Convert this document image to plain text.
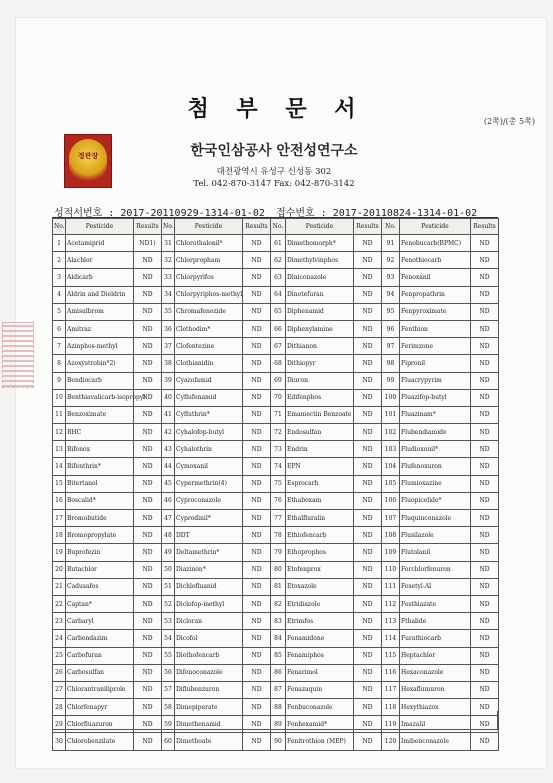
첨 부 문 서	(2쪽)/(총 5쪽)
정관장	한국인삼공사 안전성연구소
대전광역시 유성구 신성동 302
Tel. 042-870-3147 Fax: 042-870-3142
성적서번호 : 2017-20110929-1314-01-02 접수번호 : 2017-20110824-1314-01-02
No.	Pesticide	Results	No.	Pesticide	Results	No.	Pesticide	Results	No.	Pesticide	Results
1	Acetamiprid	ND1)	31	Chlorothalonil*	ND	61	Dimethomorph*	ND	91	Fenobucarb(BPMC)	ND
2	Alachlor	ND	32	Chlorpropham	ND	62	Dimethylvinphos	ND	92	Fenothiocarb	ND
3	Aldicarb	ND	33	Chlorpyrifos	ND	63	Diniconazole	ND	93	Fenoxanil	ND
4	Aldrin and Dieldrin	ND	34	Chlorpyriphos-methyl	ND	64	Dinotefuran	ND	94	Fenpropathrin	ND
5	Amisulbrom	ND	35	Chromafenozide	ND	65	Diphenamid	ND	95	Fenpyroximate	ND
6	Amitraz	ND	36	Clethodim*	ND	66	Diphenylamine	ND	96	Fenthion	ND
7	Azinphos-methyl	ND	37	Clofentezine	ND	67	Dithianon	ND	97	Ferimzone	ND
8	Azoxystrobin*2)	ND	38	Clothianidin	ND	68	Dithiopyr	ND	98	Fipronil	ND
9	Bendiocarb	ND	39	Cyazofamid	ND	69	Diuron	ND	99	Fluacrypyrim	ND
10	Benthiavalicarb-isopropyl	ND	40	Cyflufenamid	ND	70	Edifenphos	ND	100	Fluazifop-butyl	ND
11	Benzoximate	ND	41	Cyfluthrin*	ND	71	Emamectin Benzoate	ND	101	Fluazinam*	ND
12	BHC	ND	42	Cyhalofop-butyl	ND	72	Endosulfan	ND	102	Flubendiamide	ND
13	Bifenox	ND	43	Cyhalothrin	ND	73	Endrin	ND	103	Fludioxonil*	ND
14	Bifenthrin*	ND	44	Cymoxanil	ND	74	EPN	ND	104	Flufenoxuron	ND
15	Bitertanol	ND	45	Cypermethrin(4)	ND	75	Esprocarb	ND	105	Flumioxazine	ND
16	Boscalid*	ND	46	Cyproconazole	ND	76	Ethaboxam	ND	106	Fluopicolide*	ND
17	Bromobutide	ND	47	Cyprodinil*	ND	77	Ethalfluralin	ND	107	Fluquinconazole	ND
18	Bromopropylate	ND	48	DDT	ND	78	Ethiofencarb	ND	108	Flusilazole	ND
19	Buprofezin	ND	49	Deltamethrin*	ND	79	Ethoprophos	ND	109	Flutolanil	ND
20	Butachlor	ND	50	Diazinon*	ND	80	Etofenprox	ND	110	Forchlorfenuron	ND
21	Cadusafos	ND	51	Dichlofluanid	ND	81	Etoxazole	ND	111	Fosetyl-Al	ND
22	Captan*	ND	52	Diclofop-methyl	ND	82	Etridiazole	ND	112	Fosthiazate	ND
23	Carbaryl	ND	53	Dicloran	ND	83	Etrimfos	ND	113	Fthalide	ND
24	Carbendazim	ND	54	Dicofol	ND	84	Fenamidone	ND	114	Furathiocarb	ND
25	Carbofuran	ND	55	Diethofencarb	ND	85	Fenamiphos	ND	115	Heptachlor	ND
26	Carbosulfan	ND	56	Difenoconazole	ND	86	Fenarimol	ND	116	Hexaconazole	ND
27	Chlorantraniliprole	ND	57	Diflubenzuron	ND	87	Fenazaquin	ND	117	Hexaflumuron	ND
28	Chlorfenapyr	ND	58	Dimepiperate	ND	88	Fenbuconazole	ND	118	Hexythiazox	ND
29	Chlorfluazuron	ND	59	Dimethenamid	ND	89	Fenhexamid*	ND	119	Imazalil	ND
30	Chlorobenzilate	ND	60	Dimethoate	ND	90	Fenitrothion (MEP)	ND	120	Imibenconazole	ND
